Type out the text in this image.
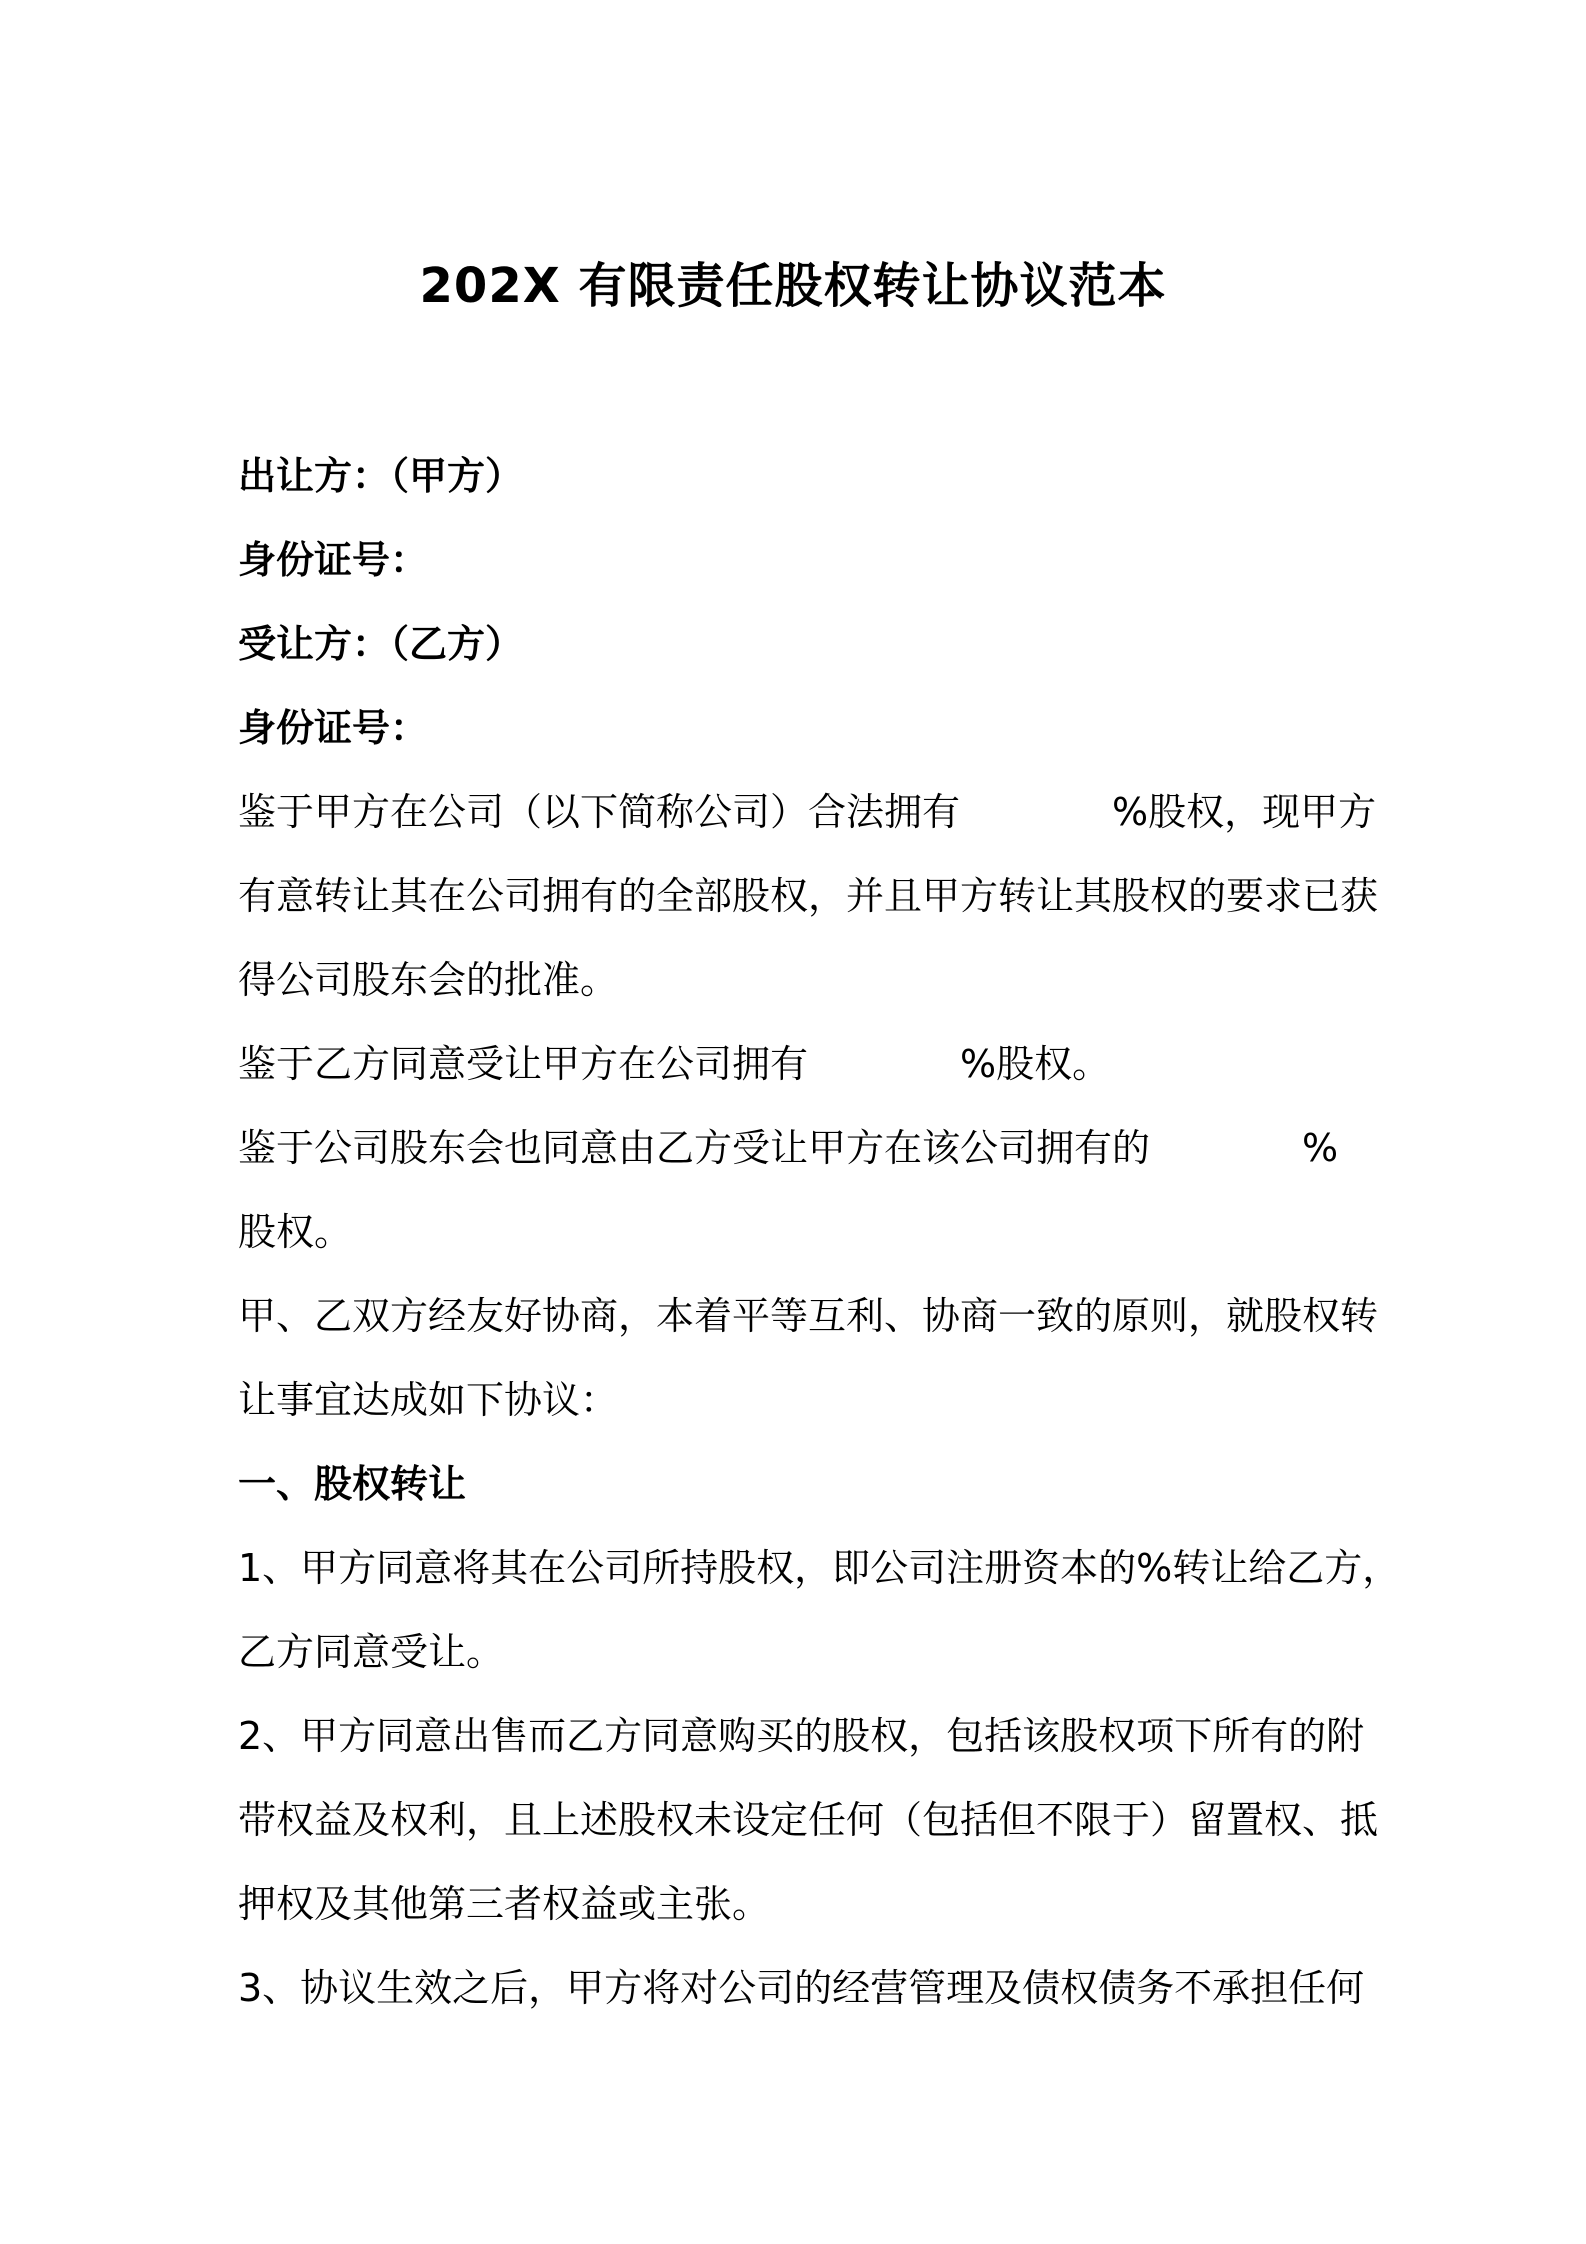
202X 有限责任股权转让协议范本
出让方：（甲方）
身份证号：
受让方：（乙方）
身份证号：
鉴于甲方在公司（以下简称公司）合法拥有　　　　%股权，现甲方
有意转让其在公司拥有的全部股权，并且甲方转让其股权的要求已获
得公司股东会的批准。
鉴于乙方同意受让甲方在公司拥有　　　　%股权。
鉴于公司股东会也同意由乙方受让甲方在该公司拥有的　　　　%
股权。
甲、乙双方经友好协商，本着平等互利、协商一致的原则，就股权转
让事宜达成如下协议：
一、股权转让
1、甲方同意将其在公司所持股权，即公司注册资本的%转让给乙方，
乙方同意受让。
2、甲方同意出售而乙方同意购买的股权，包括该股权项下所有的附
带权益及权利，且上述股权未设定任何（包括但不限于）留置权、抵
押权及其他第三者权益或主张。
3、协议生效之后，甲方将对公司的经营管理及债权债务不承担任何
